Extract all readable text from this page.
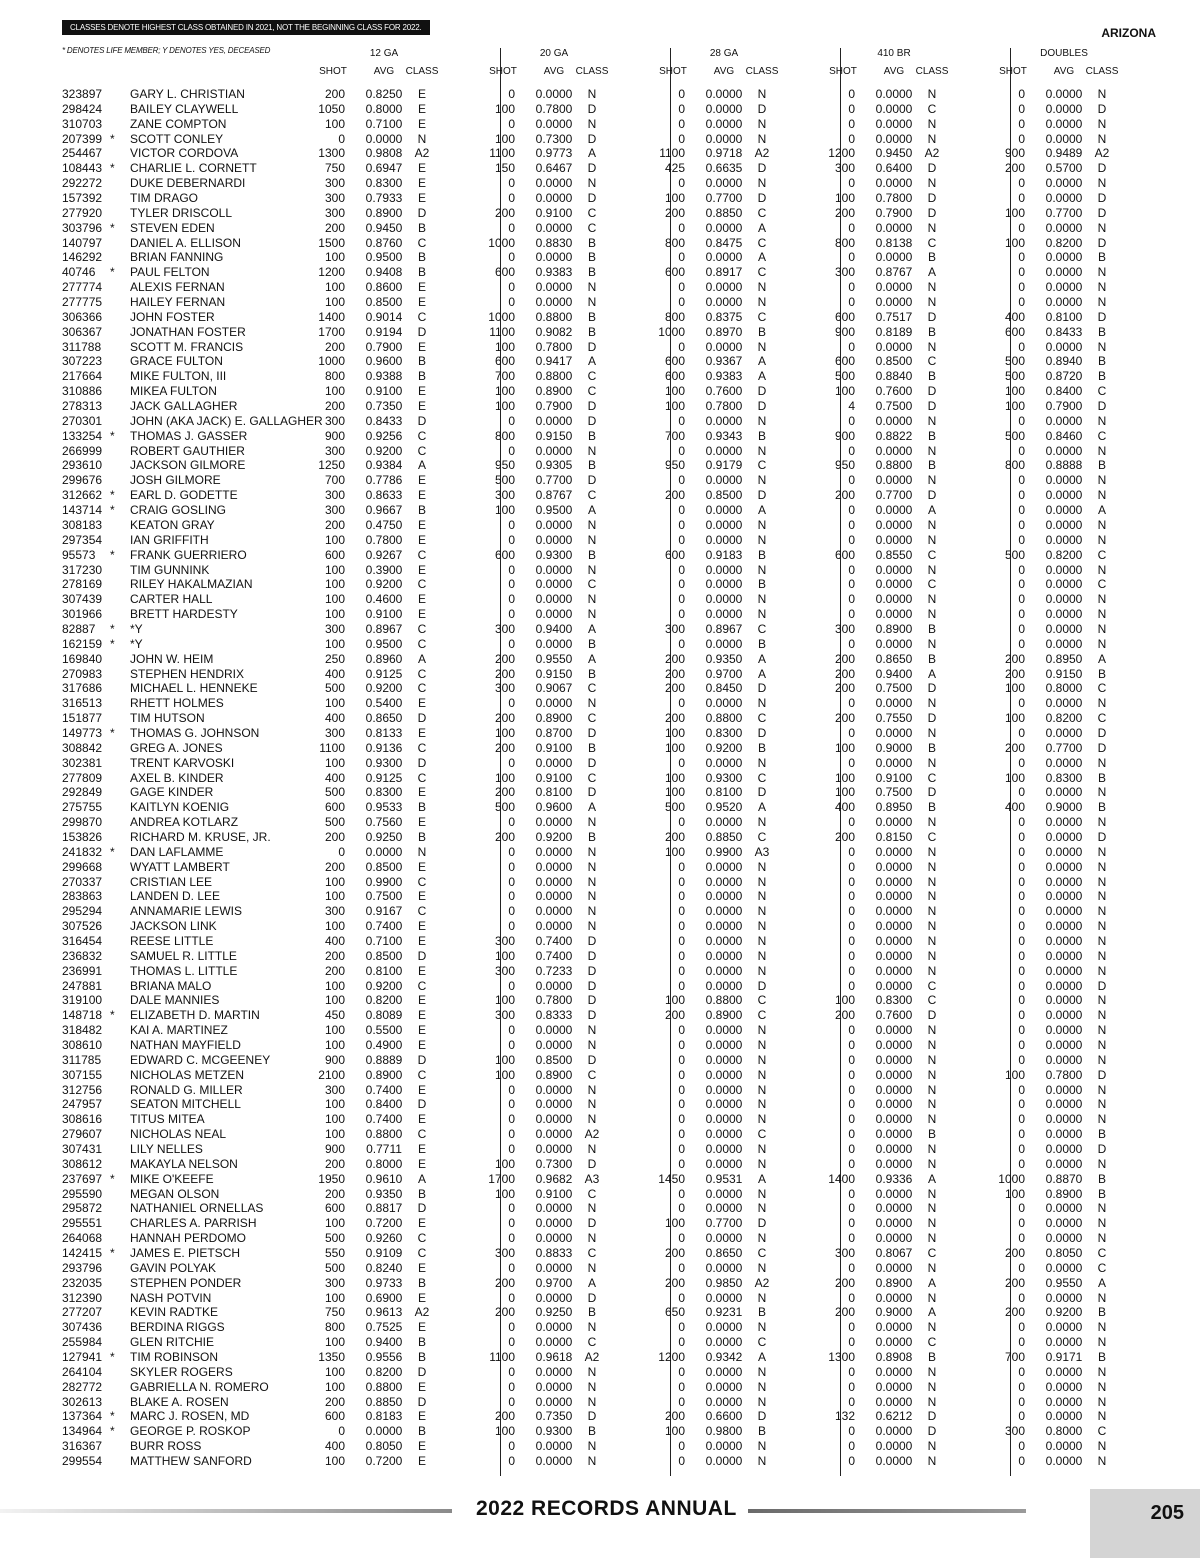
CLASSES DENOTE HIGHEST CLASS OBTAINED IN 2021, NOT THE BEGINNING CLASS FOR 2022.	ARIZONA
* DENOTES LIFE MEMBER; Y DENOTES YES, DECEASED	12 GA
SHOT	AVG	CLASS
20 GA
SHOT	AVG	CLASS
28 GA
SHOT	AVG	CLASS
410 BR
SHOT	AVG	CLASS
DOUBLES
SHOT	AVG	CLASS
323897 GARY L. CHRISTIAN	200	0.8250	E	0	0.0000	N	0	0.0000	N	0	0.0000	N	0	0.0000	N
298424 BAILEY CLAYWELL	1050	0.8000	E	100	0.7800	D	0	0.0000	D	0	0.0000	C	0	0.0000	D
310703 ZANE COMPTON	100	0.7100	E	0	0.0000	N	0	0.0000	N	0	0.0000	N	0	0.0000	N
207399 * SCOTT CONLEY	0	0.0000	N	100	0.7300	D	0	0.0000	N	0	0.0000	N	0	0.0000	N
254467 VICTOR CORDOVA	1300	0.9808	A2	1100	0.9773	A	1100	0.9718	A2	1200	0.9450	A2	900	0.9489	A2
108443 * CHARLIE L. CORNETT	750	0.6947	E	150	0.6467	D	425	0.6635	D	300	0.6400	D	200	0.5700	D
292272 DUKE DEBERNARDI	300	0.8300	E	0	0.0000	N	0	0.0000	N	0	0.0000	N	0	0.0000	N
157392 TIM DRAGO	300	0.7933	E	0	0.0000	D	100	0.7700	D	100	0.7800	D	0	0.0000	D
277920 TYLER DRISCOLL	300	0.8900	D	200	0.9100	C	200	0.8850	C	200	0.7900	D	100	0.7700	D
303796 * STEVEN EDEN	200	0.9450	B	0	0.0000	C	0	0.0000	A	0	0.0000	N	0	0.0000	N
140797 DANIEL A. ELLISON	1500	0.8760	C	1000	0.8830	B	800	0.8475	C	800	0.8138	C	100	0.8200	D
146292 BRIAN FANNING	100	0.9500	B	0	0.0000	B	0	0.0000	A	0	0.0000	B	0	0.0000	B
40746 * PAUL FELTON	1200	0.9408	B	600	0.9383	B	600	0.8917	C	300	0.8767	A	0	0.0000	N
277774 ALEXIS FERNAN	100	0.8600	E	0	0.0000	N	0	0.0000	N	0	0.0000	N	0	0.0000	N
277775 HAILEY FERNAN	100	0.8500	E	0	0.0000	N	0	0.0000	N	0	0.0000	N	0	0.0000	N
306366 JOHN FOSTER	1400	0.9014	C	1000	0.8800	B	800	0.8375	C	600	0.7517	D	400	0.8100	D
306367 JONATHAN FOSTER	1700	0.9194	D	1100	0.9082	B	1000	0.8970	B	900	0.8189	B	600	0.8433	B
311788 SCOTT M. FRANCIS	200	0.7900	E	100	0.7800	D	0	0.0000	N	0	0.0000	N	0	0.0000	N
307223 GRACE FULTON	1000	0.9600	B	600	0.9417	A	600	0.9367	A	600	0.8500	C	500	0.8940	B
217664 MIKE FULTON, III	800	0.9388	B	700	0.8800	C	600	0.9383	A	500	0.8840	B	500	0.8720	B
310886 MIKEA FULTON	100	0.9100	E	100	0.8900	C	100	0.7600	D	100	0.7600	D	100	0.8400	C
278313 JACK GALLAGHER	200	0.7350	E	100	0.7900	D	100	0.7800	D	4	0.7500	D	100	0.7900	D
270301 JOHN (AKA JACK) E. GALLAGHER 300	0.8433	D	0	0.0000	D	0	0.0000	N	0	0.0000	N	0	0.0000	N
133254 * THOMAS J. GASSER	900	0.9256	C	800	0.9150	B	700	0.9343	B	900	0.8822	B	500	0.8460	C
266999 ROBERT GAUTHIER	300	0.9200	C	0	0.0000	N	0	0.0000	N	0	0.0000	N	0	0.0000	N
293610 JACKSON GILMORE	1250	0.9384	A	950	0.9305	B	950	0.9179	C	950	0.8800	B	800	0.8888	B
299676 JOSH GILMORE	700	0.7786	E	500	0.7700	D	0	0.0000	N	0	0.0000	N	0	0.0000	N
312662 * EARL D. GODETTE	300	0.8633	E	300	0.8767	C	200	0.8500	D	200	0.7700	D	0	0.0000	N
143714 * CRAIG GOSLING	300	0.9667	B	100	0.9500	A	0	0.0000	A	0	0.0000	A	0	0.0000	A
308183 KEATON GRAY	200	0.4750	E	0	0.0000	N	0	0.0000	N	0	0.0000	N	0	0.0000	N
297354 IAN GRIFFITH	100	0.7800	E	0	0.0000	N	0	0.0000	N	0	0.0000	N	0	0.0000	N
95573 * FRANK GUERRIERO	600	0.9267	C	600	0.9300	B	600	0.9183	B	600	0.8550	C	500	0.8200	C
317230 TIM GUNNINK	100	0.3900	E	0	0.0000	N	0	0.0000	N	0	0.0000	N	0	0.0000	N
278169 RILEY HAKALMAZIAN	100	0.9200	C	0	0.0000	C	0	0.0000	B	0	0.0000	C	0	0.0000	C
307439 CARTER HALL	100	0.4600	E	0	0.0000	N	0	0.0000	N	0	0.0000	N	0	0.0000	N
301966 BRETT HARDESTY	100	0.9100	E	0	0.0000	N	0	0.0000	N	0	0.0000	N	0	0.0000	N
82887 * *Y	300	0.8967	C	300	0.9400	A	300	0.8967	C	300	0.8900	B	0	0.0000	N
162159 * *Y	100	0.9500	C	0	0.0000	B	0	0.0000	B	0	0.0000	N	0	0.0000	N
169840 JOHN W. HEIM	250	0.8960	A	200	0.9550	A	200	0.9350	A	200	0.8650	B	200	0.8950	A
270983 STEPHEN HENDRIX	400	0.9125	C	200	0.9150	B	200	0.9700	A	200	0.9400	A	200	0.9150	B
317686 MICHAEL L. HENNEKE	500	0.9200	C	300	0.9067	C	200	0.8450	D	200	0.7500	D	100	0.8000	C
316513 RHETT HOLMES	100	0.5400	E	0	0.0000	N	0	0.0000	N	0	0.0000	N	0	0.0000	N
151877 TIM HUTSON	400	0.8650	D	200	0.8900	C	200	0.8800	C	200	0.7550	D	100	0.8200	C
149773 * THOMAS G. JOHNSON	300	0.8133	E	100	0.8700	D	100	0.8300	D	0	0.0000	N	0	0.0000	D
308842 GREG A. JONES	1100	0.9136	C	200	0.9100	B	100	0.9200	B	100	0.9000	B	200	0.7700	D
302381 TRENT KARVOSKI	100	0.9300	D	0	0.0000	D	0	0.0000	N	0	0.0000	N	0	0.0000	N
277809 AXEL B. KINDER	400	0.9125	C	100	0.9100	C	100	0.9300	C	100	0.9100	C	100	0.8300	B
292849 GAGE KINDER	500	0.8300	E	200	0.8100	D	100	0.8100	D	100	0.7500	D	0	0.0000	N
275755 KAITLYN KOENIG	600	0.9533	B	500	0.9600	A	500	0.9520	A	400	0.8950	B	400	0.9000	B
299870 ANDREA KOTLARZ	500	0.7560	E	0	0.0000	N	0	0.0000	N	0	0.0000	N	0	0.0000	N
153826 RICHARD M. KRUSE, JR.	200	0.9250	B	200	0.9200	B	200	0.8850	C	200	0.8150	C	0	0.0000	D
241832 * DAN LAFLAMME	0	0.0000	N	0	0.0000	N	100	0.9900	A3	0	0.0000	N	0	0.0000	N
299668 WYATT LAMBERT	200	0.8500	E	0	0.0000	N	0	0.0000	N	0	0.0000	N	0	0.0000	N
270337 CRISTIAN LEE	100	0.9900	C	0	0.0000	N	0	0.0000	N	0	0.0000	N	0	0.0000	N
283863 LANDEN D. LEE	100	0.7500	E	0	0.0000	N	0	0.0000	N	0	0.0000	N	0	0.0000	N
295294 ANNAMARIE LEWIS	300	0.9167	C	0	0.0000	N	0	0.0000	N	0	0.0000	N	0	0.0000	N
307526 JACKSON LINK	100	0.7400	E	0	0.0000	N	0	0.0000	N	0	0.0000	N	0	0.0000	N
316454 REESE LITTLE	400	0.7100	E	300	0.7400	D	0	0.0000	N	0	0.0000	N	0	0.0000	N
236832 SAMUEL R. LITTLE	200	0.8500	D	100	0.7400	D	0	0.0000	N	0	0.0000	N	0	0.0000	N
236991 THOMAS L. LITTLE	200	0.8100	E	300	0.7233	D	0	0.0000	N	0	0.0000	N	0	0.0000	N
247881 BRIANA MALO	100	0.9200	C	0	0.0000	D	0	0.0000	D	0	0.0000	C	0	0.0000	D
319100 DALE MANNIES	100	0.8200	E	100	0.7800	D	100	0.8800	C	100	0.8300	C	0	0.0000	N
148718 * ELIZABETH D. MARTIN	450	0.8089	E	300	0.8333	D	200	0.8900	C	200	0.7600	D	0	0.0000	N
318482 KAI A. MARTINEZ	100	0.5500	E	0	0.0000	N	0	0.0000	N	0	0.0000	N	0	0.0000	N
308610 NATHAN MAYFIELD	100	0.4900	E	0	0.0000	N	0	0.0000	N	0	0.0000	N	0	0.0000	N
311785 EDWARD C. MCGEENEY	900	0.8889	D	100	0.8500	D	0	0.0000	N	0	0.0000	N	0	0.0000	N
307155 NICHOLAS METZEN	2100	0.8900	C	100	0.8900	C	0	0.0000	N	0	0.0000	N	100	0.7800	D
312756 RONALD G. MILLER	300	0.7400	E	0	0.0000	N	0	0.0000	N	0	0.0000	N	0	0.0000	N
247957 SEATON MITCHELL	100	0.8400	D	0	0.0000	N	0	0.0000	N	0	0.0000	N	0	0.0000	N
308616 TITUS MITEA	100	0.7400	E	0	0.0000	N	0	0.0000	N	0	0.0000	N	0	0.0000	N
279607 NICHOLAS NEAL	100	0.8800	C	0	0.0000	A2	0	0.0000	C	0	0.0000	B	0	0.0000	B
307431 LILY NELLES	900	0.7711	E	0	0.0000	N	0	0.0000	N	0	0.0000	N	0	0.0000	D
308612 MAKAYLA NELSON	200	0.8000	E	100	0.7300	D	0	0.0000	N	0	0.0000	N	0	0.0000	N
237697 * MIKE O'KEEFE	1950	0.9610	A	1700	0.9682	A3	1450	0.9531	A	1400	0.9336	A	1000	0.8870	B
295590 MEGAN OLSON	200	0.9350	B	100	0.9100	C	0	0.0000	N	0	0.0000	N	100	0.8900	B
295872 NATHANIEL ORNELLAS	600	0.8817	D	0	0.0000	N	0	0.0000	N	0	0.0000	N	0	0.0000	N
295551 CHARLES A. PARRISH	100	0.7200	E	0	0.0000	D	100	0.7700	D	0	0.0000	N	0	0.0000	N
264068 HANNAH PERDOMO	500	0.9260	C	0	0.0000	N	0	0.0000	N	0	0.0000	N	0	0.0000	N
142415 * JAMES E. PIETSCH	550	0.9109	C	300	0.8833	C	200	0.8650	C	300	0.8067	C	200	0.8050	C
293796 GAVIN POLYAK	500	0.8240	E	0	0.0000	N	0	0.0000	N	0	0.0000	N	0	0.0000	C
232035 STEPHEN PONDER	300	0.9733	B	200	0.9700	A	200	0.9850	A2	200	0.8900	A	200	0.9550	A
312390 NASH POTVIN	100	0.6900	E	0	0.0000	D	0	0.0000	N	0	0.0000	N	0	0.0000	N
277207 KEVIN RADTKE	750	0.9613	A2	200	0.9250	B	650	0.9231	B	200	0.9000	A	200	0.9200	B
307436 BERDINA RIGGS	800	0.7525	E	0	0.0000	N	0	0.0000	N	0	0.0000	N	0	0.0000	N
255984 GLEN RITCHIE	100	0.9400	B	0	0.0000	C	0	0.0000	C	0	0.0000	C	0	0.0000	N
127941 * TIM ROBINSON	1350	0.9556	B	1100	0.9618	A2	1200	0.9342	A	1300	0.8908	B	700	0.9171	B
264104 SKYLER ROGERS	100	0.8200	D	0	0.0000	N	0	0.0000	N	0	0.0000	N	0	0.0000	N
282772 GABRIELLA N. ROMERO	100	0.8800	E	0	0.0000	N	0	0.0000	N	0	0.0000	N	0	0.0000	N
302613 BLAKE A. ROSEN	200	0.8850	D	0	0.0000	N	0	0.0000	N	0	0.0000	N	0	0.0000	N
137364 * MARC J. ROSEN, MD	600	0.8183	E	200	0.7350	D	200	0.6600	D	132	0.6212	D	0	0.0000	N
134964 * GEORGE P. ROSKOP	0	0.0000	B	100	0.9300	B	100	0.9800	B	0	0.0000	D	300	0.8000	C
316367 BURR ROSS	400	0.8050	E	0	0.0000	N	0	0.0000	N	0	0.0000	N	0	0.0000	N
299554 MATTHEW SANFORD	100	0.7200	E	0	0.0000	N	0	0.0000	N	0	0.0000	N	0	0.0000	N
2022 RECORDS ANNUAL	205
